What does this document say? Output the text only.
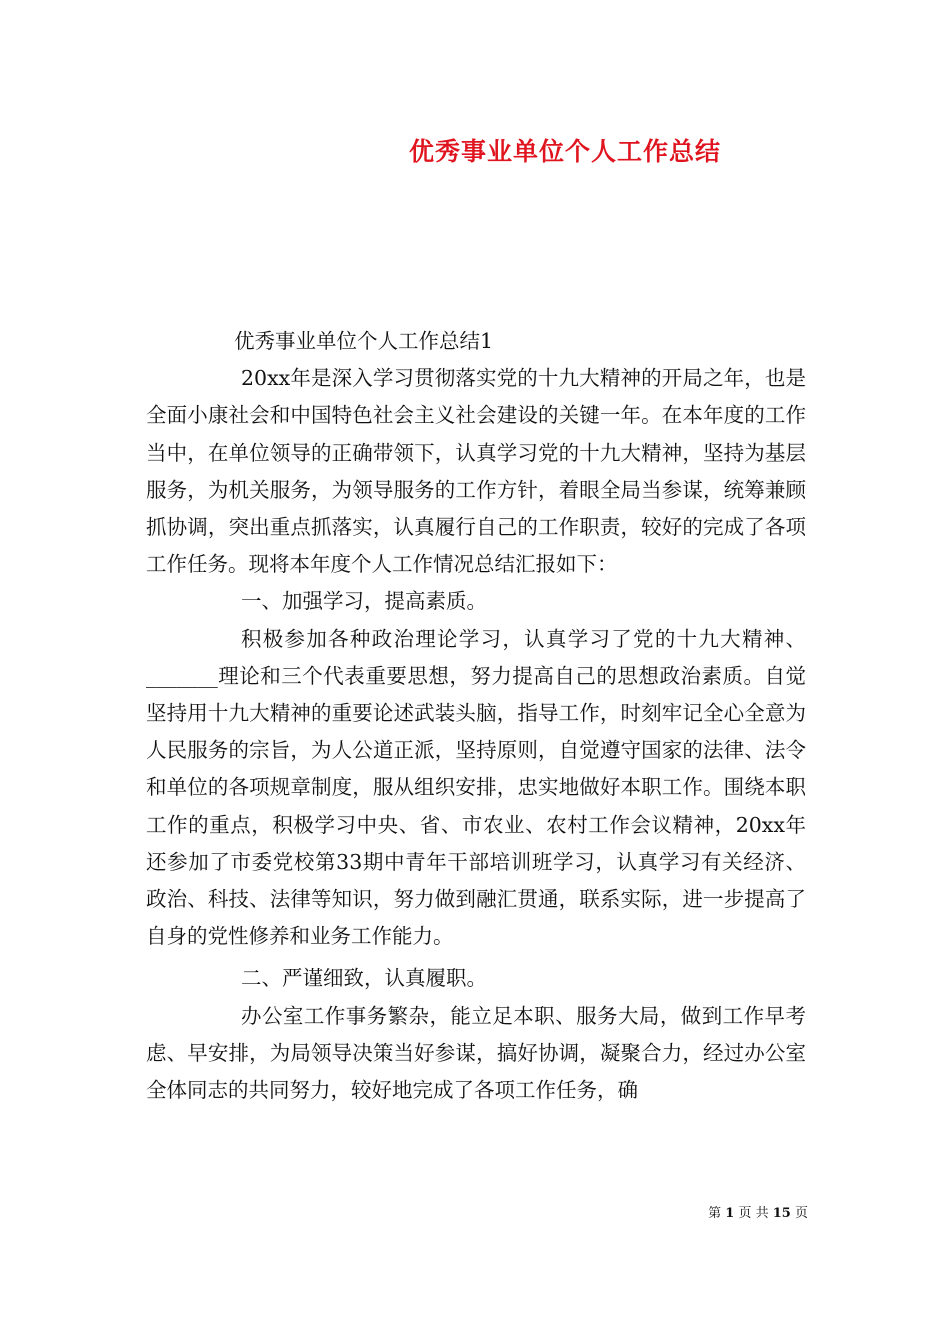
优秀事业单位个人工作总结

优秀事业单位个人工作总结1

20xx年是深入学习贯彻落实党的十九大精神的开局之年，也是全面小康社会和中国特色社会主义社会建设的关键一年。在本年度的工作当中，在单位领导的正确带领下，认真学习党的十九大精神，坚持为基层服务，为机关服务，为领导服务的工作方针，着眼全局当参谋，统筹兼顾抓协调，突出重点抓落实，认真履行自己的工作职责，较好的完成了各项工作任务。现将本年度个人工作情况总结汇报如下：

一、加强学习，提高素质。

积极参加各种政治理论学习，认真学习了党的十九大精神、_______理论和三个代表重要思想，努力提高自己的思想政治素质。自觉坚持用十九大精神的重要论述武装头脑，指导工作，时刻牢记全心全意为人民服务的宗旨，为人公道正派，坚持原则，自觉遵守国家的法律、法令和单位的各项规章制度，服从组织安排，忠实地做好本职工作。围绕本职工作的重点，积极学习中央、省、市农业、农村工作会议精神，20xx年还参加了市委党校第33期中青年干部培训班学习，认真学习有关经济、政治、科技、法律等知识，努力做到融汇贯通，联系实际，进一步提高了自身的党性修养和业务工作能力。

二、严谨细致，认真履职。

办公室工作事务繁杂，能立足本职、服务大局，做到工作早考虑、早安排，为局领导决策当好参谋，搞好协调，凝聚合力，经过办公室全体同志的共同努力，较好地完成了各项工作任务，确

第 1 页 共 15 页
